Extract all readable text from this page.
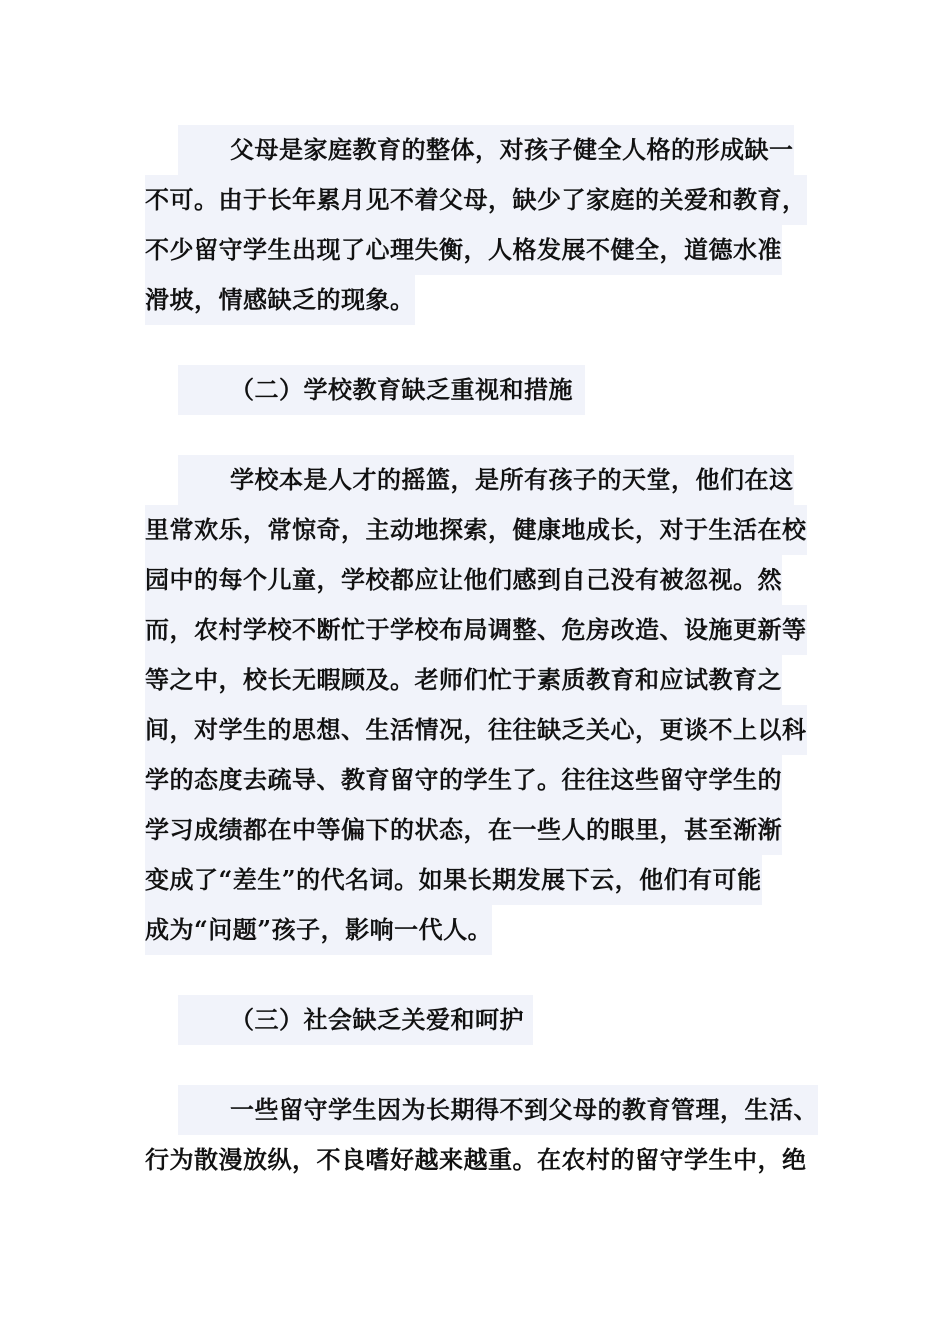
父母是家庭教育的整体，对孩子健全人格的形成缺一
不可。由于长年累月见不着父母，缺少了家庭的关爱和教育，
不少留守学生出现了心理失衡，人格发展不健全，道德水准
滑坡，情感缺乏的现象。
（二）学校教育缺乏重视和措施
学校本是人才的摇篮，是所有孩子的天堂，他们在这
里常欢乐，常惊奇，主动地探索，健康地成长，对于生活在校
园中的每个儿童，学校都应让他们感到自己没有被忽视。然
而，农村学校不断忙于学校布局调整、危房改造、设施更新等
等之中，校长无暇顾及。老师们忙于素质教育和应试教育之
间，对学生的思想、生活情况，往往缺乏关心，更谈不上以科
学的态度去疏导、教育留守的学生了。往往这些留守学生的
学习成绩都在中等偏下的状态，在一些人的眼里，甚至渐渐
变成了“差生”的代名词。如果长期发展下云，他们有可能
成为“问题”孩子，影响一代人。
（三）社会缺乏关爱和呵护
一些留守学生因为长期得不到父母的教育管理，生活、
行为散漫放纵，不良嗜好越来越重。在农村的留守学生中，绝
